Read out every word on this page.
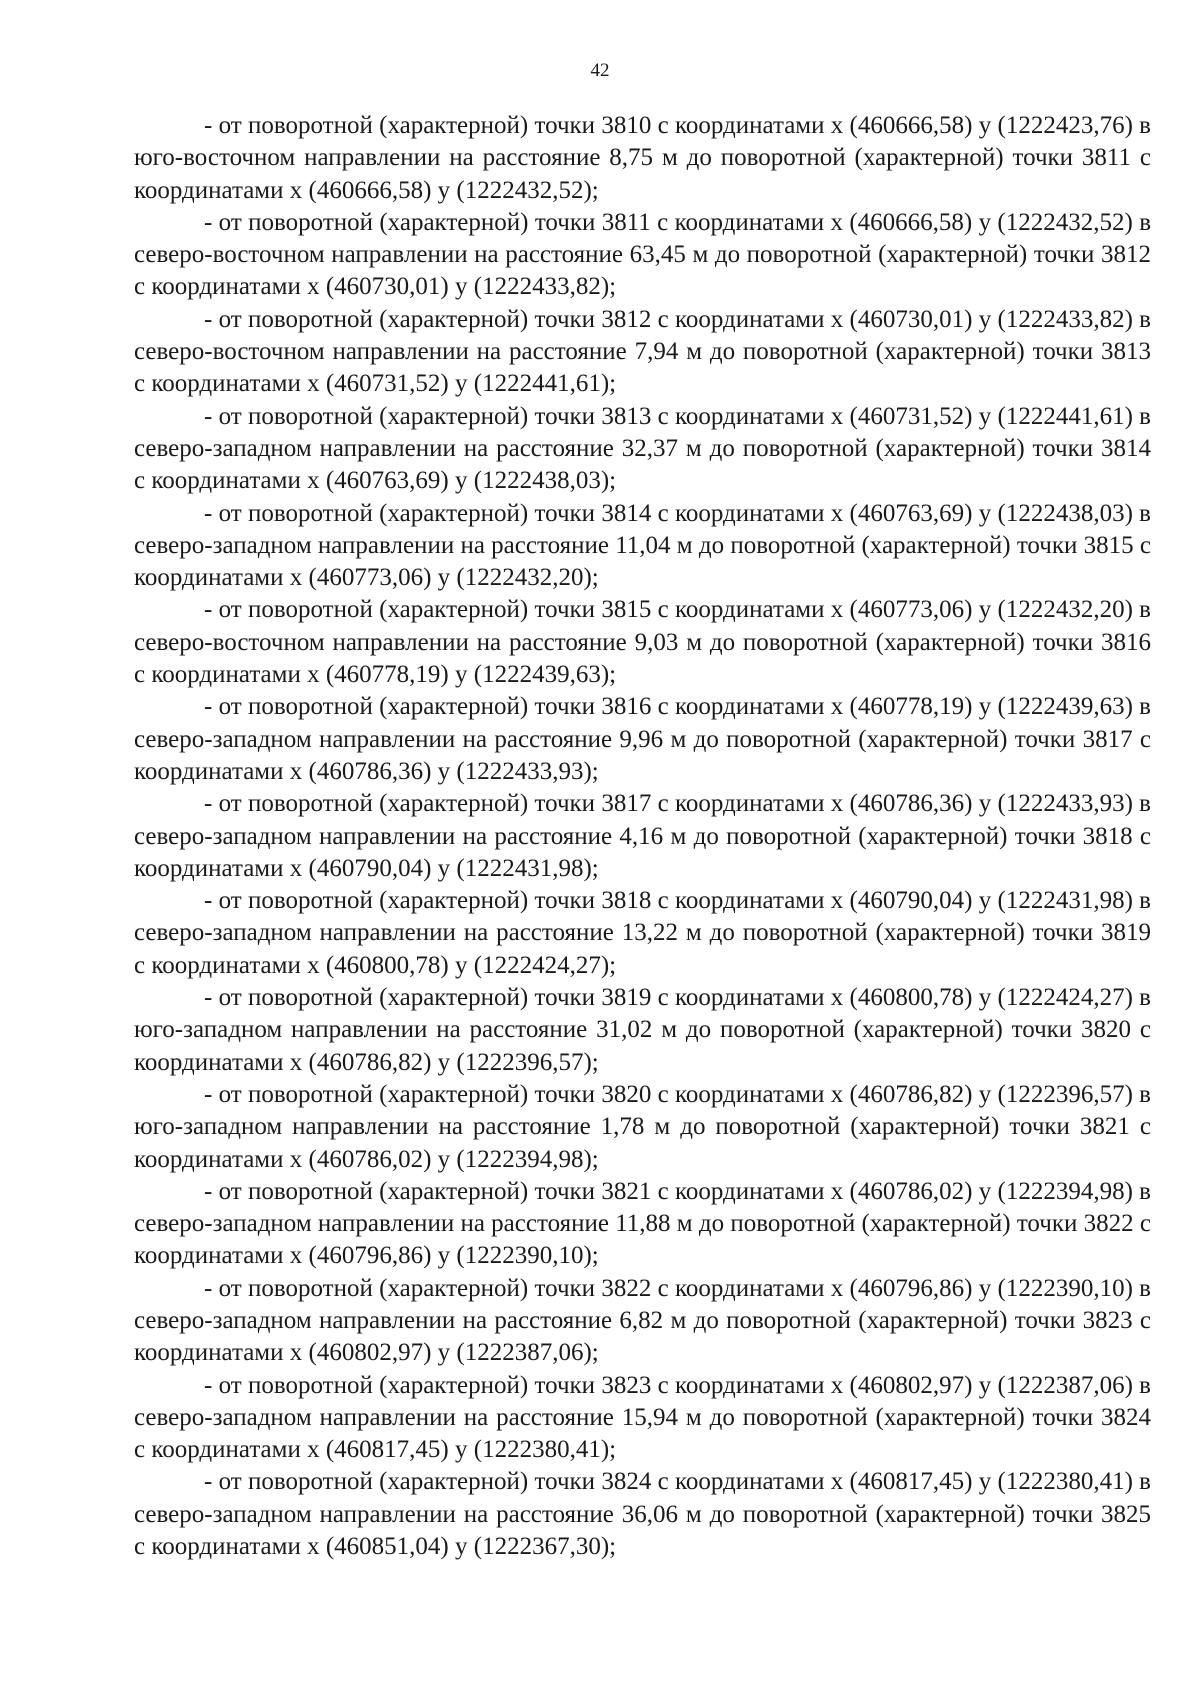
42

- от поворотной (характерной) точки 3810 с координатами x (460666,58) y (1222423,76) в юго-восточном направлении на расстояние 8,75 м до поворотной (характерной) точки 3811 с координатами x (460666,58) y (1222432,52);

- от поворотной (характерной) точки 3811 с координатами x (460666,58) y (1222432,52) в северо-восточном направлении на расстояние 63,45 м до поворотной (характерной) точки 3812 с координатами x (460730,01) y (1222433,82);

- от поворотной (характерной) точки 3812 с координатами x (460730,01) y (1222433,82) в северо-восточном направлении на расстояние 7,94 м до поворотной (характерной) точки 3813 с координатами x (460731,52) y (1222441,61);

- от поворотной (характерной) точки 3813 с координатами x (460731,52) y (1222441,61) в северо-западном направлении на расстояние 32,37 м до поворотной (характерной) точки 3814 с координатами x (460763,69) y (1222438,03);

- от поворотной (характерной) точки 3814 с координатами x (460763,69) y (1222438,03) в северо-западном направлении на расстояние 11,04 м до поворотной (характерной) точки 3815 с координатами x (460773,06) y (1222432,20);

- от поворотной (характерной) точки 3815 с координатами x (460773,06) y (1222432,20) в северо-восточном направлении на расстояние 9,03 м до поворотной (характерной) точки 3816 с координатами x (460778,19) y (1222439,63);

- от поворотной (характерной) точки 3816 с координатами x (460778,19) y (1222439,63) в северо-западном направлении на расстояние 9,96 м до поворотной (характерной) точки 3817 с координатами x (460786,36) y (1222433,93);

- от поворотной (характерной) точки 3817 с координатами x (460786,36) y (1222433,93) в северо-западном направлении на расстояние 4,16 м до поворотной (характерной) точки 3818 с координатами x (460790,04) y (1222431,98);

- от поворотной (характерной) точки 3818 с координатами x (460790,04) y (1222431,98) в северо-западном направлении на расстояние 13,22 м до поворотной (характерной) точки 3819 с координатами x (460800,78) y (1222424,27);

- от поворотной (характерной) точки 3819 с координатами x (460800,78) y (1222424,27) в юго-западном направлении на расстояние 31,02 м до поворотной (характерной) точки 3820 с координатами x (460786,82) y (1222396,57);

- от поворотной (характерной) точки 3820 с координатами x (460786,82) y (1222396,57) в юго-западном направлении на расстояние 1,78 м до поворотной (характерной) точки 3821 с координатами x (460786,02) y (1222394,98);

- от поворотной (характерной) точки 3821 с координатами x (460786,02) y (1222394,98) в северо-западном направлении на расстояние 11,88 м до поворотной (характерной) точки 3822 с координатами x (460796,86) y (1222390,10);

- от поворотной (характерной) точки 3822 с координатами x (460796,86) y (1222390,10) в северо-западном направлении на расстояние 6,82 м до поворотной (характерной) точки 3823 с координатами x (460802,97) y (1222387,06);

- от поворотной (характерной) точки 3823 с координатами x (460802,97) y (1222387,06) в северо-западном направлении на расстояние 15,94 м до поворотной (характерной) точки 3824 с координатами x (460817,45) y (1222380,41);

- от поворотной (характерной) точки 3824 с координатами x (460817,45) y (1222380,41) в северо-западном направлении на расстояние 36,06 м до поворотной (характерной) точки 3825 с координатами x (460851,04) y (1222367,30);
